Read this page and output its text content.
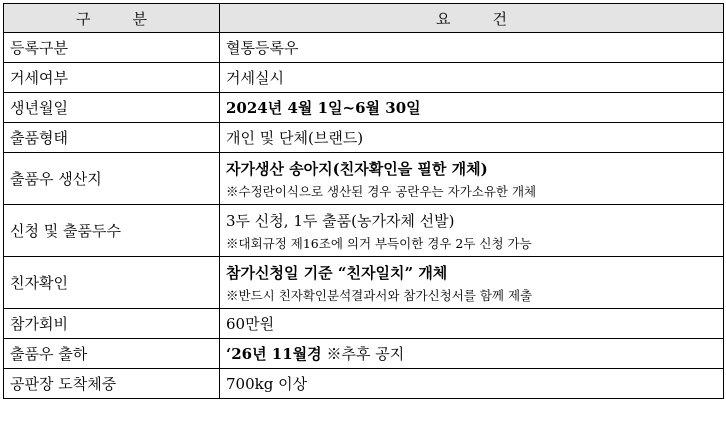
구 분	요 건
등록구분	혈통등록우
거세여부	거세실시
생년월일	2024년 4월 1일~6월 30일
출품형태	개인 및 단체(브랜드)
출품우 생산지	자가생산 송아지(친자확인을 필한 개체)
※수정란이식으로 생산된 경우 공란우는 자가소유한 개체

신청 및 출품두수	3두 신청, 1두 출품(농가자체 선발)
※대회규정 제16조에 의거 부득이한 경우 2두 신청 가능

친자확인	참가신청일 기준 “친자일치” 개체
※반드시 친자확인분석결과서와 참가신청서를 함께 제출

참가회비	60만원
출품우 출하	‘26년 11월경 ※추후 공지
공판장 도착체중	700kg 이상
